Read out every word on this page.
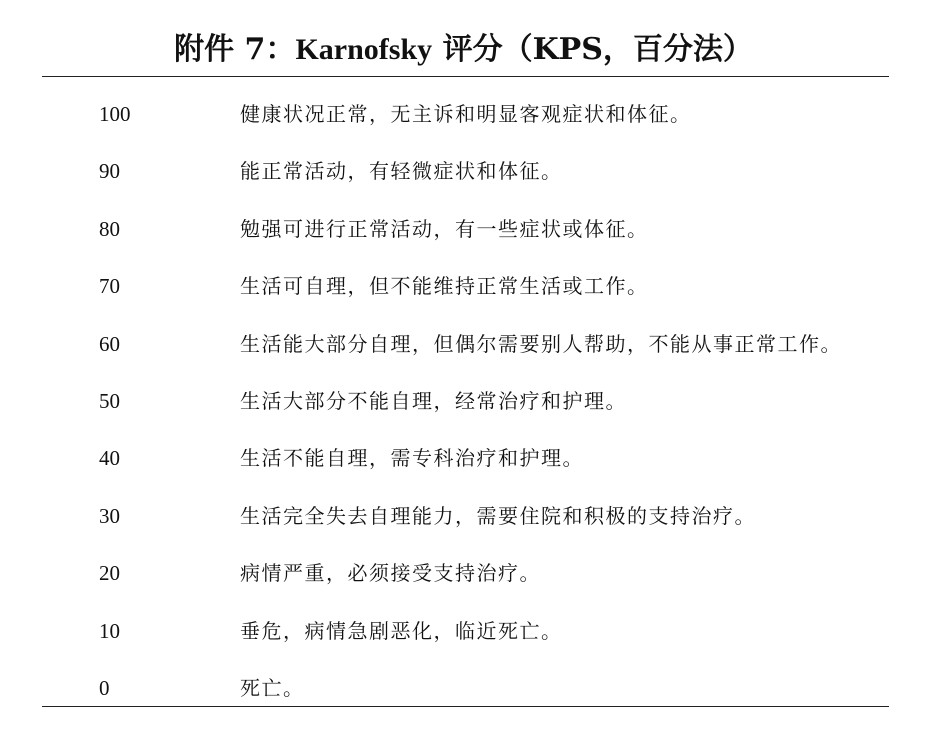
附件 7：Karnofsky 评分（KPS，百分法）
100	健康状况正常，无主诉和明显客观症状和体征。
90	能正常活动，有轻微症状和体征。
80	勉强可进行正常活动，有一些症状或体征。
70	生活可自理，但不能维持正常生活或工作。
60	生活能大部分自理，但偶尔需要别人帮助，不能从事正常工作。
50	生活大部分不能自理，经常治疗和护理。
40	生活不能自理，需专科治疗和护理。
30	生活完全失去自理能力，需要住院和积极的支持治疗。
20	病情严重，必须接受支持治疗。
10	垂危，病情急剧恶化，临近死亡。
0	死亡。
